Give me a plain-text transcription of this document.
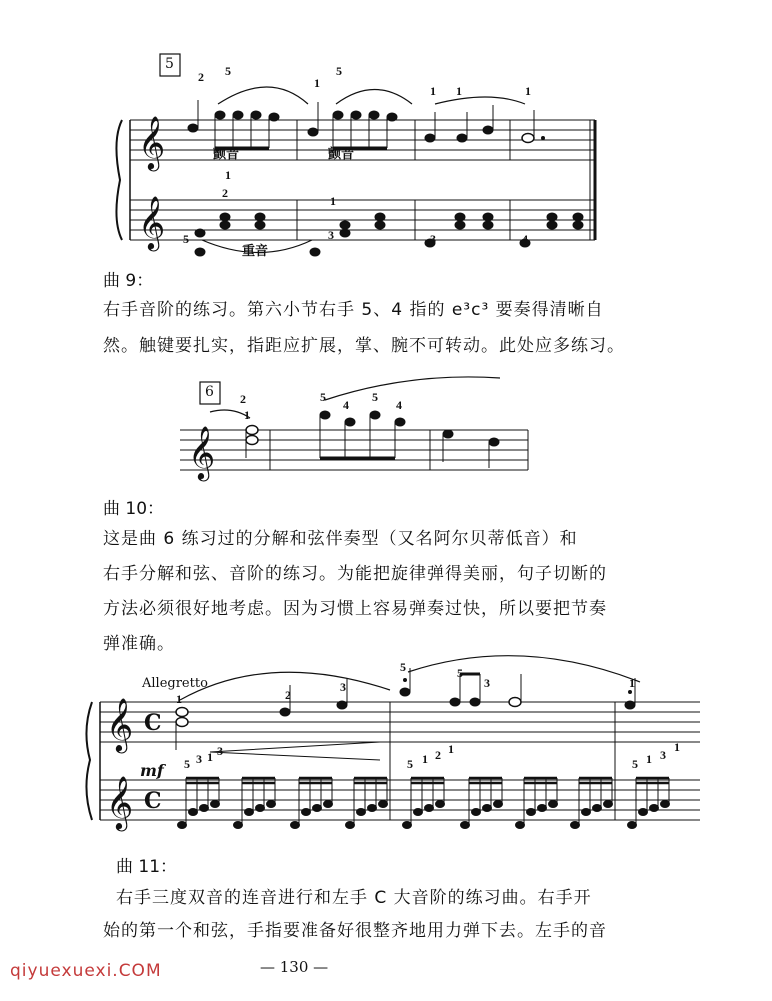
𝄞
𝄞
5
2 5
1
5
1 1	1
颤音	颤音
重音
1
2
5
1
3	3	4
曲 9：
右手音阶的练习。第六小节右手 5、4 指的 e³c³ 要奏得清晰自
然。触键要扎实，指距应扩展，掌、腕不可转动。此处应多练习。
𝄞
6 2
1
5
4
5
4
曲 10：
这是曲 6 练习过的分解和弦伴奏型（又名阿尔贝蒂低音）和
右手分解和弦、音阶的练习。为能把旋律弹得美丽，句子切断的
方法必须很好地考虑。因为习惯上容易弹奏过快，所以要把节奏
弹准确。
𝄞
𝄞
C
C
mf
Allegretto
1	2
3
5	5
3	1
5 3 1 3
5 1 2 1
5 1 3
1
曲 11：
右手三度双音的连音进行和左手 C 大音阶的练习曲。右手开
始的第一个和弦，手指要准备好很整齐地用力弹下去。左手的音
— 130 —
qiyuexuexi.COM
